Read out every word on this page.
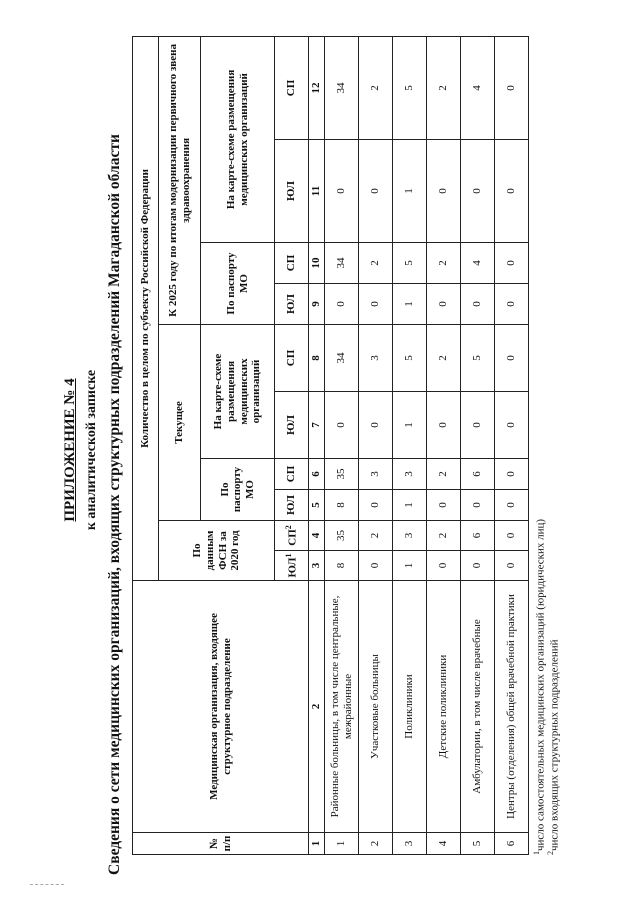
ПРИЛОЖЕНИЕ № 4 к аналитической записке Сведения о сети медицинских организаций, входящих структурных подразделений Магаданской области	№ п/п	Медицинская организация, входящее структурное подразделение	Количество в целом по субъекту Российской Федерации									
		По данным ФСН за 2020 год		Текущее				К 2025 году по итогам модернизации первичного звена здравоохранения			
				По паспорту МО		На карте-схеме размещения медицинских организаций		По паспорту МО		На карте-схеме размещения медицинских организаций	
		$ЮЛ^1$	$СП^2$	ЮЛ	СП	ЮЛ	СП	ЮЛ	СП	ЮЛ	СП
1	2	3	4	5	6	7	8	9	10	11	12
1	Районные больницы, в том числе центральные, межрайонные	8	35	8	35	0	34	0	34	0	34
2	Участковые больницы	0	2	0	3	0	3	0	2	0	2
3	Поликлиники	1	3	1	3	1	5	1	5	1	5
4	Детские поликлиники	0	2	0	2	0	2	0	2	0	2
5	Амбулатории, в том числе врачебные	0	6	0	6	0	5	0	4	0	4
6	Центры (отделения) общей врачебной практики	0	0	0	0	0	0	0	0	0	0
$^1$число самостоятельных медицинских организаций (юридических лиц)
$^2$число входящих структурных подразделений
